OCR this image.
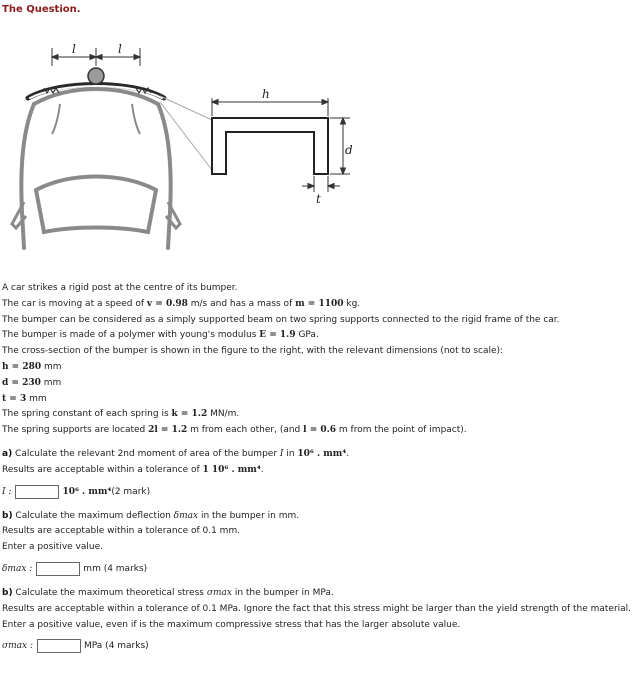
The Question.
l	l
h
d
t
A car strikes a rigid post at the centre of its bumper.
The car is moving at a speed of v = 0.98 m/s and has a mass of m = 1100 kg.
The bumper can be considered as a simply supported beam on two spring supports connected to the rigid frame of the car.
The bumper is made of a polymer with young's modulus E = 1.9 GPa.
The cross-section of the bumper is shown in the figure to the right, with the relevant dimensions (not to scale):
h = 280 mm
d = 230 mm
t = 3 mm
The spring constant of each spring is k = 1.2 MN/m.
The spring supports are located 2l = 1.2 m from each other, (and l = 0.6 m from the point of impact).
a) Calculate the relevant 2nd moment of area of the bumper I in 10⁶ . mm⁴.
Results are acceptable within a tolerance of 1 10⁶ . mm⁴.
I :	10⁶ . mm⁴ (2 mark)
b) Calculate the maximum deflection δmax in the bumper in mm.
Results are acceptable within a tolerance of 0.1 mm.
Enter a positive value.
δmax :	mm (4 marks)
b) Calculate the maximum theoretical stress σmax in the bumper in MPa.
Results are acceptable within a tolerance of 0.1 MPa. Ignore the fact that this stress might be larger than the yield strength of the material.
Enter a positive value, even if is the maximum compressive stress that has the larger absolute value.
σmax :	MPa (4 marks)
